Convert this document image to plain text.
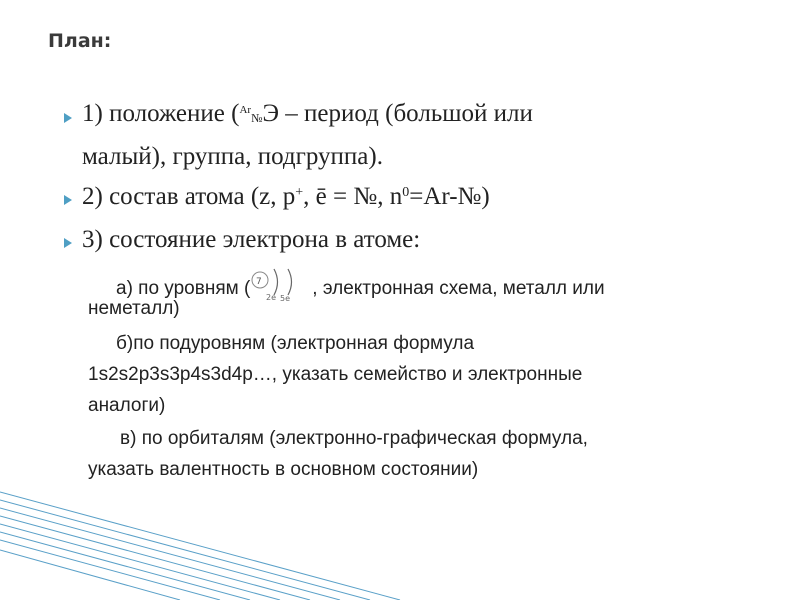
План:
1) положение ($^{Ar}$№Э – период (большой или
малый), группа, подгруппа).
2) состав атома (z, p+, ē = №, $n^0=Ar-№$)
3) состояние электрона в атоме:
а) по уровням ( 7
2e 5e , электронная схема, металл или
неметалл)
б)по подуровням (электронная формула
1s2s2p3s3p4s3d4p…, указать семейство и электронные
аналоги)
в) по орбиталям (электронно-графическая формула,
указать валентность в основном состоянии)
